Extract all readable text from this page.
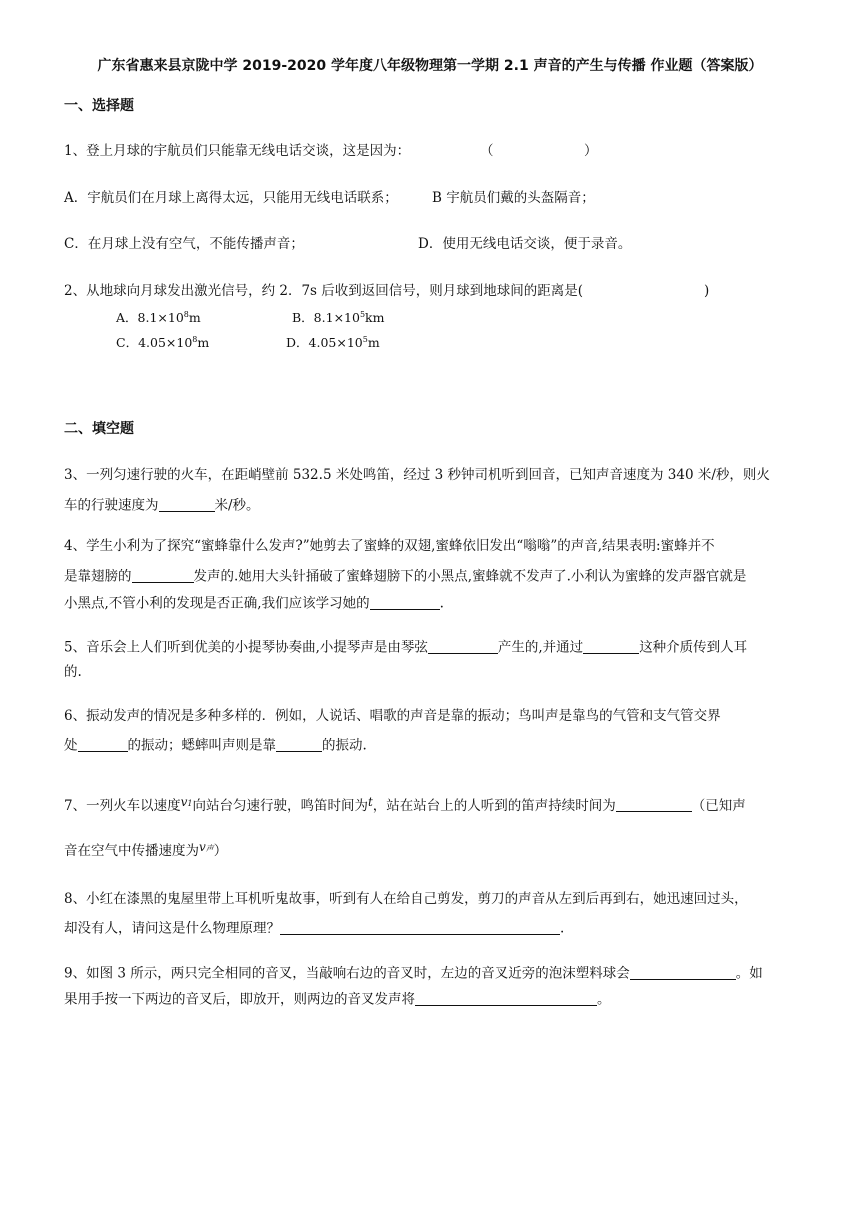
广东省惠来县京陇中学 2019-2020 学年度八年级物理第一学期 2.1 声音的产生与传播 作业题（答案版）
一、选择题
1、登上月球的宇航员们只能靠无线电话交谈，这是因为：	（	）
A．宇航员们在月球上离得太远，只能用无线电话联系；	B 宇航员们戴的头盔隔音；
C．在月球上没有空气，不能传播声音；	D．使用无线电话交谈，便于录音。
2、从地球向月球发出激光信号，约 2．7s 后收到返回信号，则月球到地球间的距离是(	)
A．$8.1\times 10^8m$	B．$8.1\times 10^5km$
C．$4.05\times 10^8m$	D．$4.05\times 10^5m$
二、填空题
3、一列匀速行驶的火车，在距峭壁前 532.5 米处鸣笛，经过 3 秒钟司机听到回音，已知声音速度为 340 米/秒，则火
车的行驶速度为	米/秒。
4、学生小利为了探究“蜜蜂靠什么发声?”她剪去了蜜蜂的双翅,蜜蜂依旧发出“嗡嗡”的声音,结果表明:蜜蜂并不
是靠翅膀的	发声的.她用大头针捅破了蜜蜂翅膀下的小黑点,蜜蜂就不发声了.小利认为蜜蜂的发声器官就是
小黑点,不管小利的发现是否正确,我们应该学习她的	.
5、音乐会上人们听到优美的小提琴协奏曲,小提琴声是由琴弦	产生的,并通过	这种介质传到人耳
的.
6、振动发声的情况是多种多样的．例如，人说话、唱歌的声音是靠的振动；鸟叫声是靠鸟的气管和支气管交界
处	的振动；蟋蟀叫声则是靠	的振动.
7、一列火车以速度v1向站台匀速行驶，鸣笛时间为t，站在站台上的人听到的笛声持续时间为	（已知声
音在空气中传播速度为v声）
8、小红在漆黑的鬼屋里带上耳机听鬼故事，听到有人在给自己剪发，剪刀的声音从左到后再到右，她迅速回过头，
却没有人，请问这是什么物理原理？	.
9、如图 3 所示，两只完全相同的音叉，当敲响右边的音叉时，左边的音叉近旁的泡沫塑料球会	。如
果用手按一下两边的音叉后，即放开，则两边的音叉发声将	。
